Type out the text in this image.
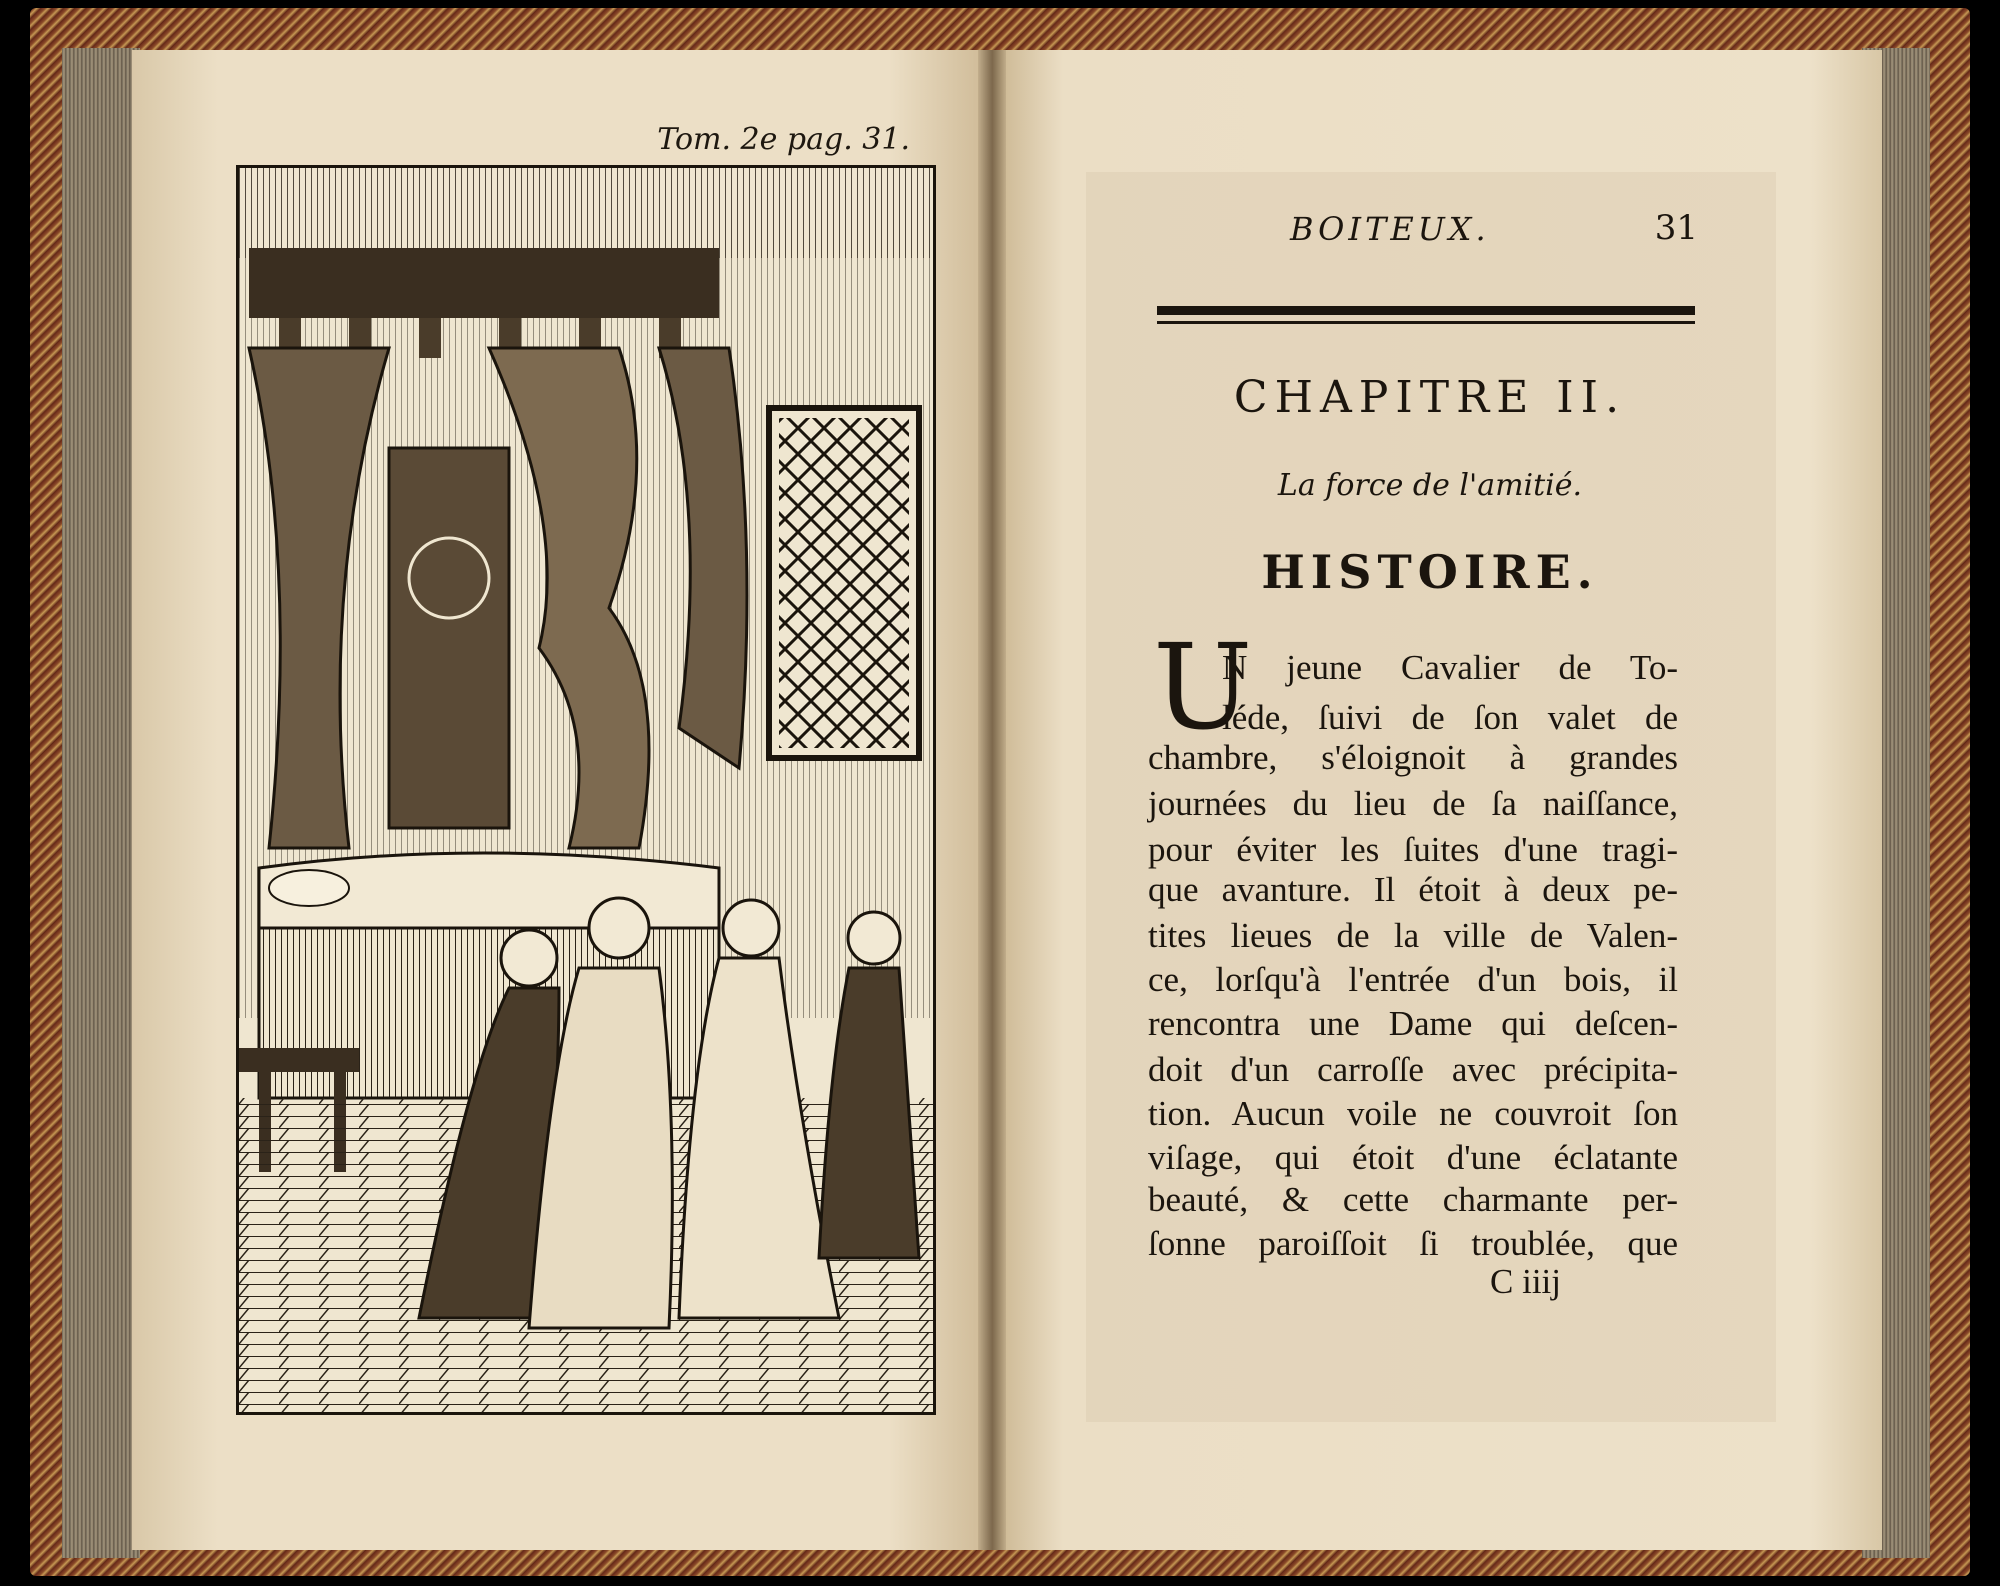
Tom. 2e pag. 31.
BOITEUX.	31
CHAPITRE II.
La force de l'amitié.
HISTOIRE.
U
N jeune Cavalier de To-
léde, ſuivi de ſon valet de
chambre, s'éloignoit à grandes
journées du lieu de ſa naiſſance,
pour éviter les ſuites d'une tragi-
que avanture. Il étoit à deux pe-
tites lieues de la ville de Valen-
ce, lorſqu'à l'entrée d'un bois, il
rencontra une Dame qui deſcen-
doit d'un carroſſe avec précipita-
tion. Aucun voile ne couvroit ſon
viſage, qui étoit d'une éclatante
beauté, & cette charmante per-
ſonne paroiſſoit ſi troublée, que
C iiij
